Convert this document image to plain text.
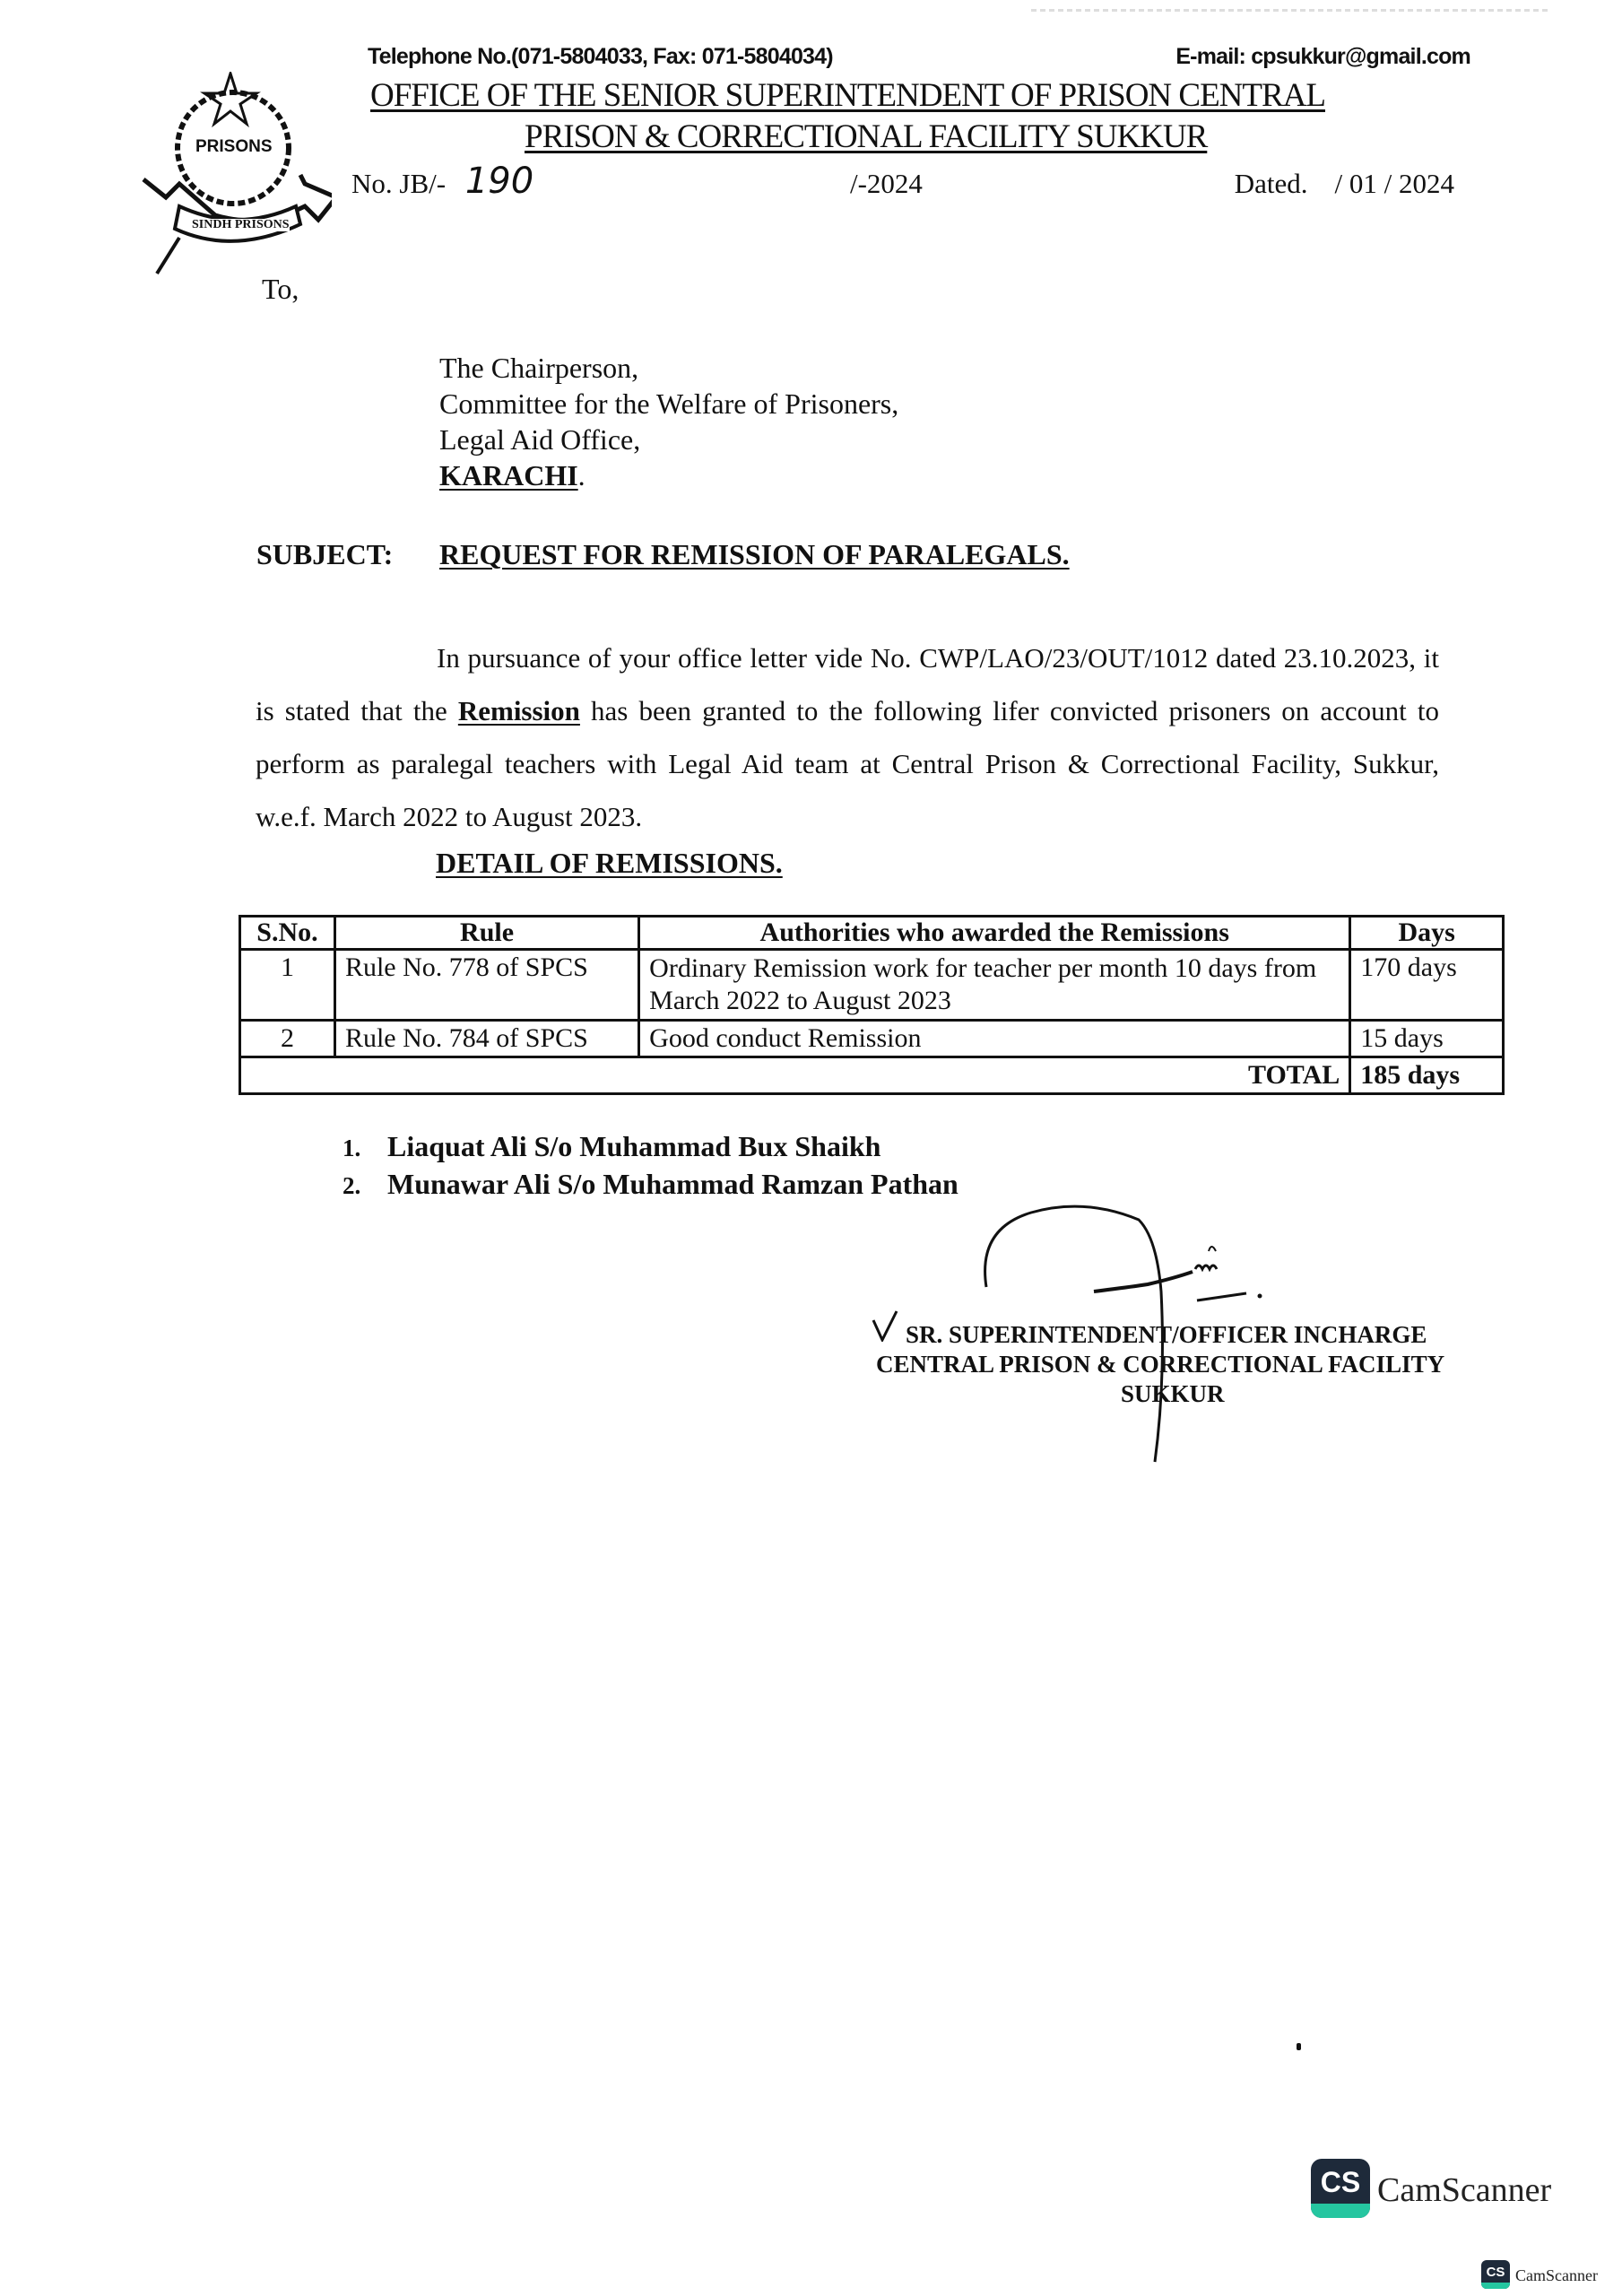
PRISONS
SINDH PRISONS
Telephone No.(071-5804033, Fax: 071-5804034)	E-mail: cpsukkur@gmail.com
OFFICE OF THE SENIOR SUPERINTENDENT OF PRISON CENTRAL
PRISON & CORRECTIONAL FACILITY SUKKUR
No. JB/- 190	/-2024	Dated. / 01 / 2024
To,
The Chairperson,
Committee for the Welfare of Prisoners,
Legal Aid Office,
KARACHI.
SUBJECT: REQUEST FOR REMISSION OF PARALEGALS.
In pursuance of your office letter vide No. CWP/LAO/23/OUT/1012 dated 23.10.2023, it is stated that the Remission has been granted to the following lifer convicted prisoners on account to perform as paralegal teachers with Legal Aid team at Central Prison & Correctional Facility, Sukkur, w.e.f. March 2022 to August 2023.
DETAIL OF REMISSIONS.
S.No.	Rule	Authorities who awarded the Remissions	Days
1	Rule No. 778 of SPCS	Ordinary Remission work for teacher per month 10 days from March 2022 to August 2023	170 days
2	Rule No. 784 of SPCS	Good conduct Remission	15 days
TOTAL			185 days
1. Liaquat Ali S/o Muhammad Bux Shaikh
2. Munawar Ali S/o Muhammad Ramzan Pathan
SR. SUPERINTENDENT/OFFICER INCHARGE
CENTRAL PRISON & CORRECTIONAL FACILITY
SUKKUR
CS CamScanner
CS CamScanner
